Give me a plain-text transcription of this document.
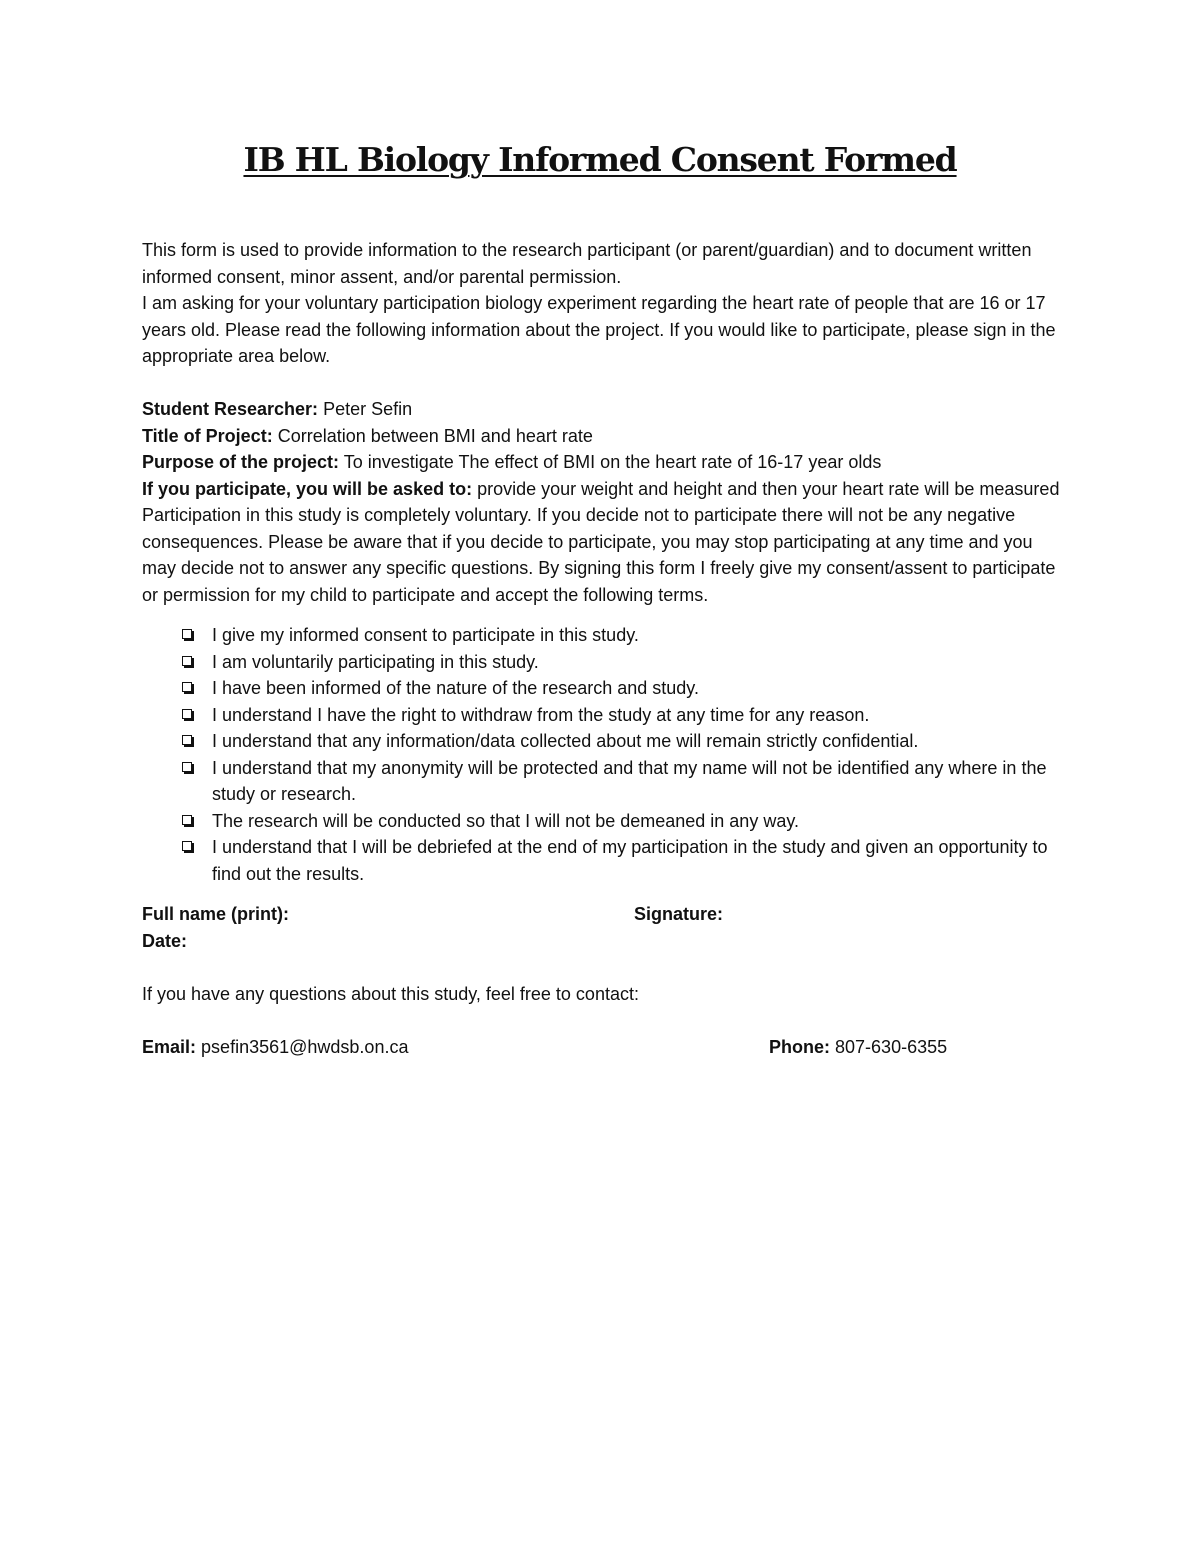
IB HL Biology Informed Consent Formed

This form is used to provide information to the research participant (or parent/guardian) and to document written informed consent, minor assent, and/or parental permission.

I am asking for your voluntary participation biology experiment regarding the heart rate of people that are 16 or 17 years old. Please read the following information about the project. If you would like to participate, please sign in the appropriate area below.

Student Researcher: Peter Sefin

Title of Project: Correlation between BMI and heart rate

Purpose of the project: To investigate The effect of BMI on the heart rate of 16-17 year olds

If you participate, you will be asked to: provide your weight and height and then your heart rate will be measured

Participation in this study is completely voluntary. If you decide not to participate there will not be any negative consequences. Please be aware that if you decide to participate, you may stop participating at any time and you may decide not to answer any specific questions. By signing this form I freely give my consent/assent to participate or permission for my child to participate and accept the following terms.

I give my informed consent to participate in this study.
I am voluntarily participating in this study.
I have been informed of the nature of the research and study.
I understand I have the right to withdraw from the study at any time for any reason.
I understand that any information/data collected about me will remain strictly confidential.
I understand that my anonymity will be protected and that my name will not be identified any where in the study or research.
The research will be conducted so that I will not be demeaned in any way.
I understand that I will be debriefed at the end of my participation in the study and given an opportunity to find out the results.
Full name (print):	Signature:
Date:

If you have any questions about this study, feel free to contact:

Email: psefin3561@hwdsb.on.ca	Phone: 807-630-6355
